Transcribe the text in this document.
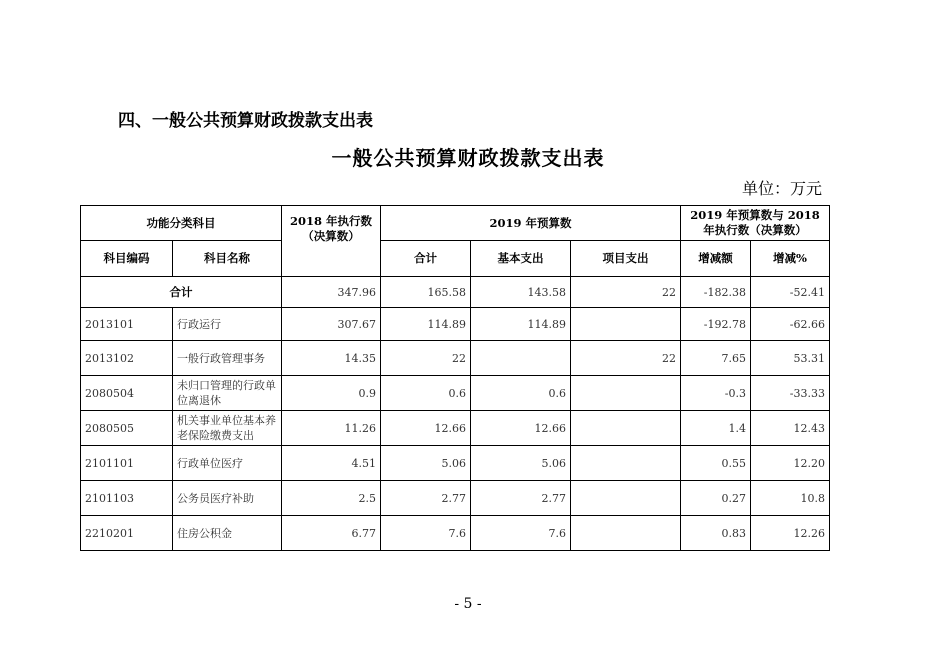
四、一般公共预算财政拨款支出表
一般公共预算财政拨款支出表
单位：万元
功能分类科目		2018 年执行数（决算数）	2019 年预算数			2019 年预算数与 2018 年执行数（决算数）	
科目编码	科目名称		合计	基本支出	项目支出	增减额	增减%
合计		347.96	165.58	143.58	22	-182.38	-52.41
2013101	行政运行	307.67	114.89	114.89		-192.78	-62.66
2013102	一般行政管理事务	14.35	22		22	7.65	53.31
2080504	未归口管理的行政单位离退休	0.9	0.6	0.6		-0.3	-33.33
2080505	机关事业单位基本养老保险缴费支出	11.26	12.66	12.66		1.4	12.43
2101101	行政单位医疗	4.51	5.06	5.06		0.55	12.20
2101103	公务员医疗补助	2.5	2.77	2.77		0.27	10.8
2210201	住房公积金	6.77	7.6	7.6		0.83	12.26
- 5 -
